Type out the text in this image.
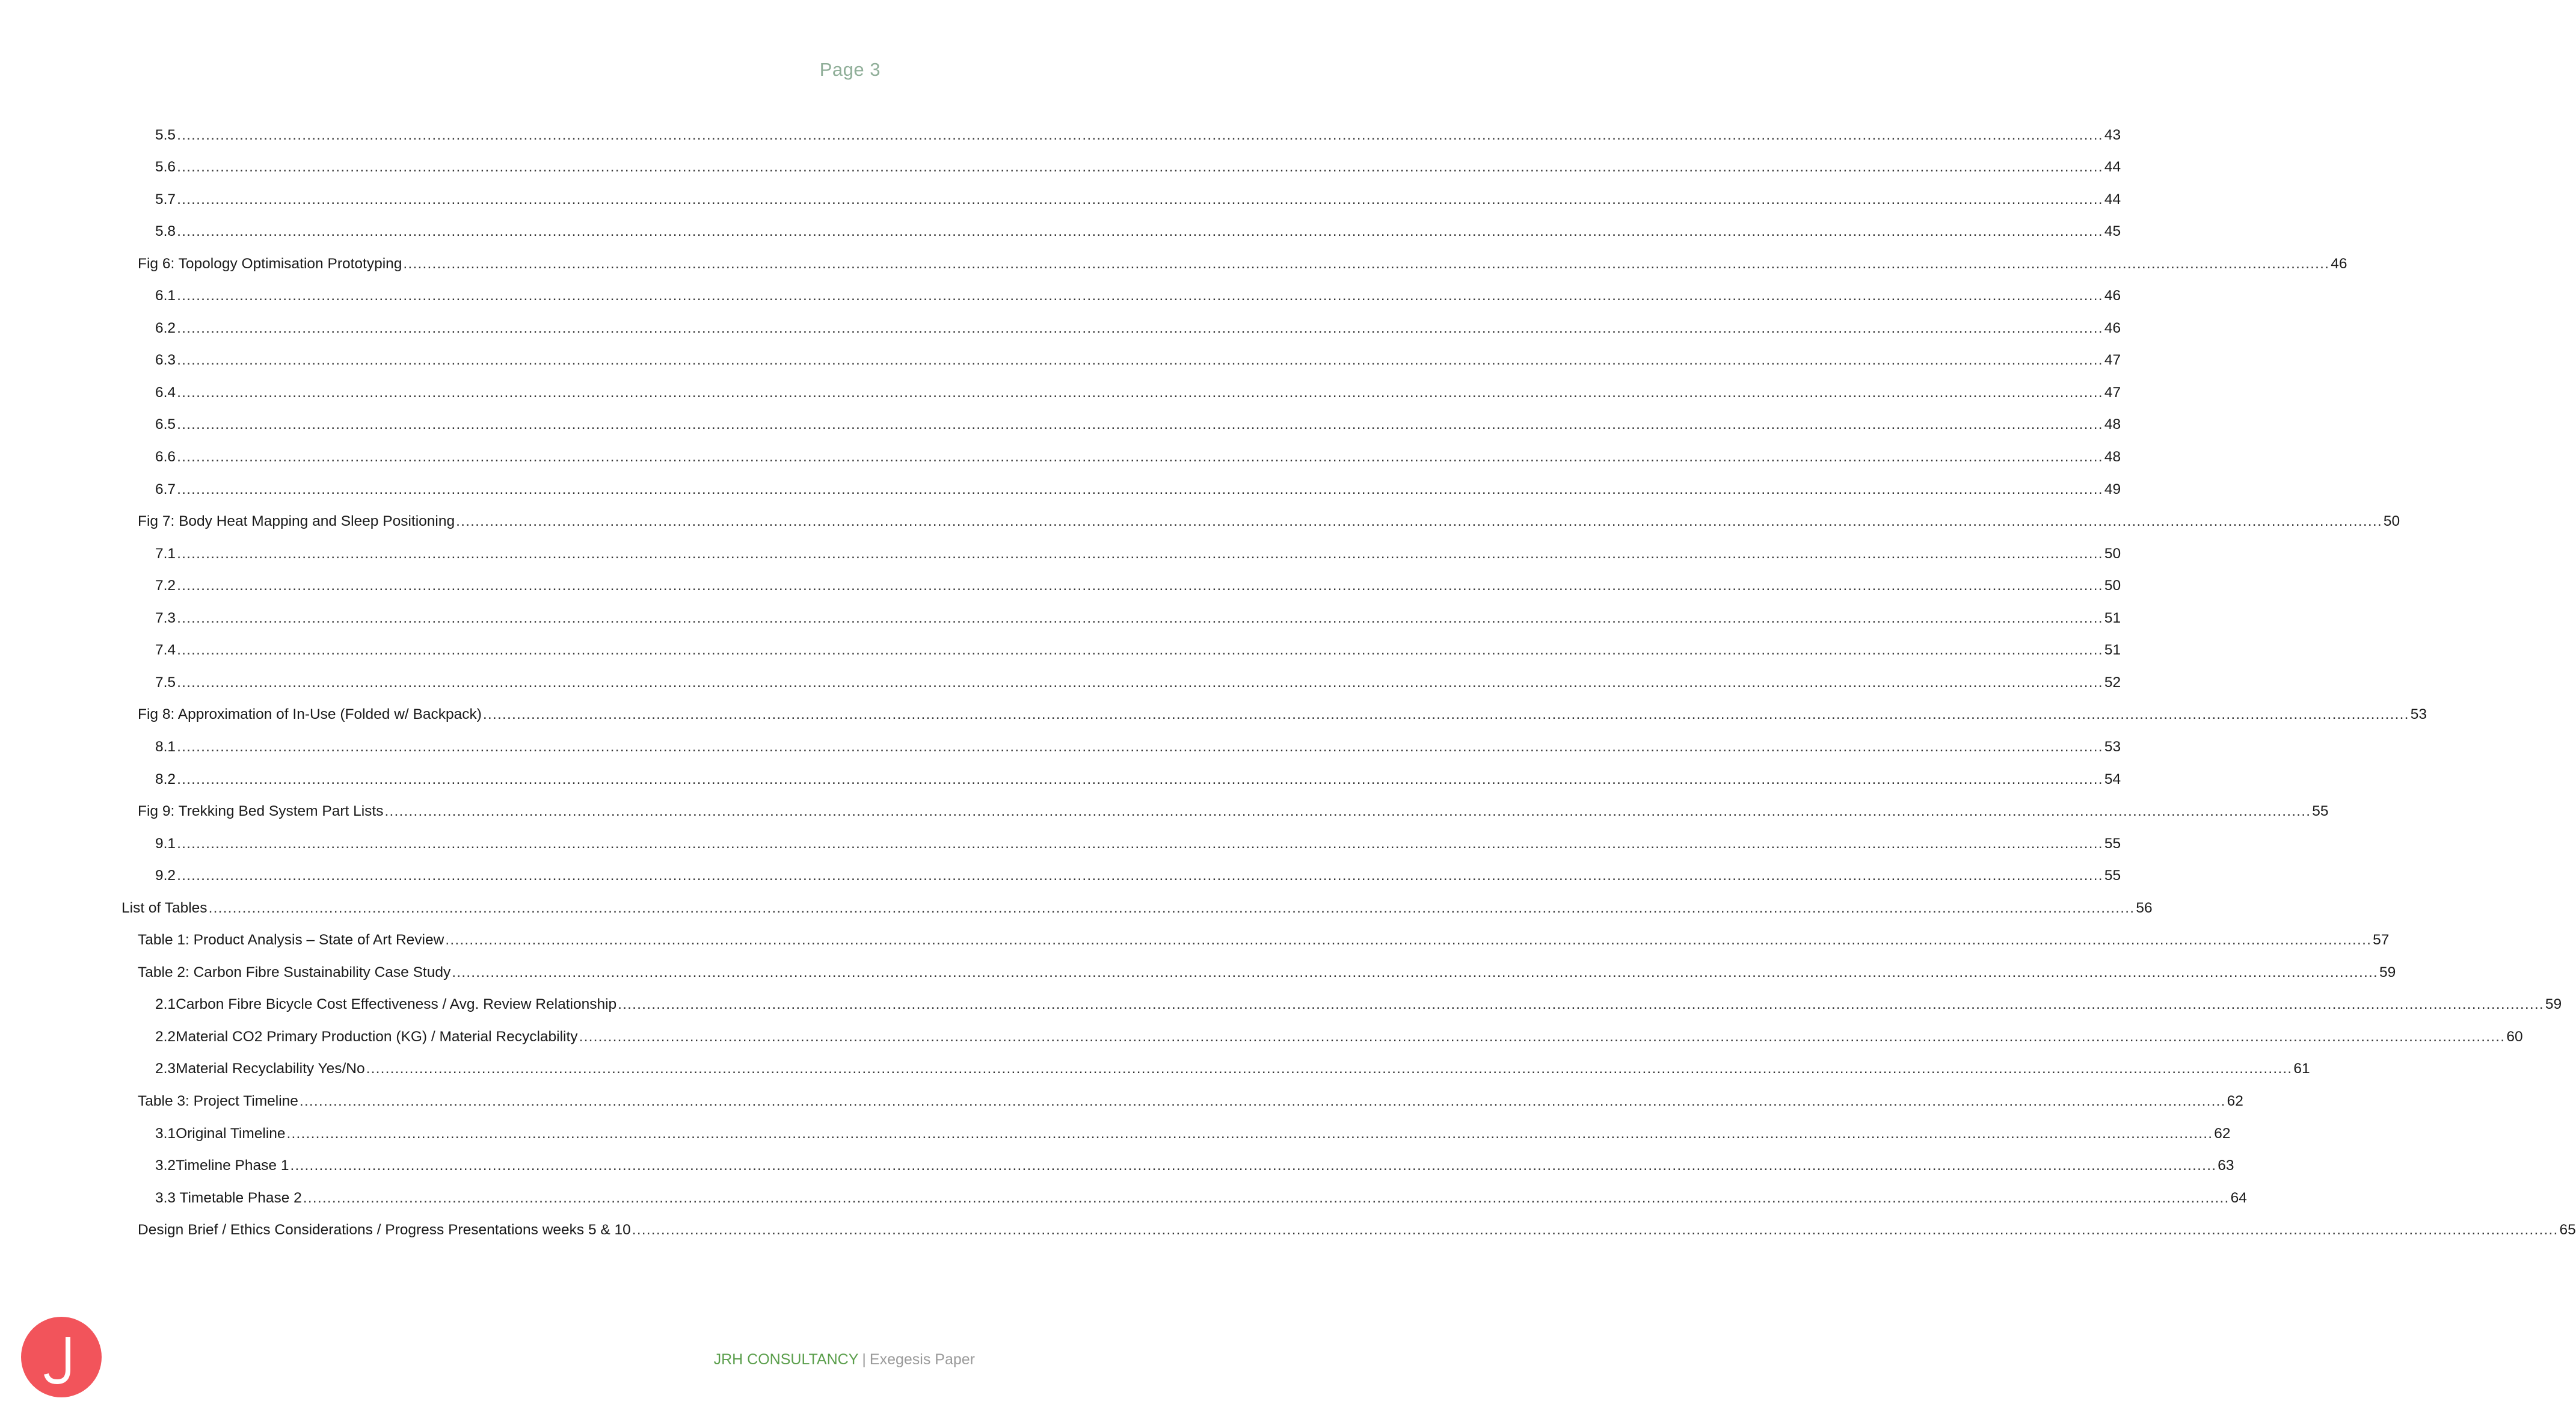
Page 3
5.5 ................................................................................................................................................................................................................................................................................................................................................................................................................ 43
5.6 ................................................................................................................................................................................................................................................................................................................................................................................................................ 44
5.7 ................................................................................................................................................................................................................................................................................................................................................................................................................ 44
5.8 ................................................................................................................................................................................................................................................................................................................................................................................................................ 45
Fig 6: Topology Optimisation Prototyping ................................................................................................................................................................................................................................................................................................................................................................................................................ 46
6.1 ................................................................................................................................................................................................................................................................................................................................................................................................................ 46
6.2 ................................................................................................................................................................................................................................................................................................................................................................................................................ 46
6.3 ................................................................................................................................................................................................................................................................................................................................................................................................................ 47
6.4 ................................................................................................................................................................................................................................................................................................................................................................................................................ 47
6.5 ................................................................................................................................................................................................................................................................................................................................................................................................................ 48
6.6 ................................................................................................................................................................................................................................................................................................................................................................................................................ 48
6.7 ................................................................................................................................................................................................................................................................................................................................................................................................................ 49
Fig 7: Body Heat Mapping and Sleep Positioning ................................................................................................................................................................................................................................................................................................................................................................................................................ 50
7.1 ................................................................................................................................................................................................................................................................................................................................................................................................................ 50
7.2 ................................................................................................................................................................................................................................................................................................................................................................................................................ 50
7.3 ................................................................................................................................................................................................................................................................................................................................................................................................................ 51
7.4 ................................................................................................................................................................................................................................................................................................................................................................................................................ 51
7.5 ................................................................................................................................................................................................................................................................................................................................................................................................................ 52
Fig 8: Approximation of In-Use (Folded w/ Backpack) ................................................................................................................................................................................................................................................................................................................................................................................................................ 53
8.1 ................................................................................................................................................................................................................................................................................................................................................................................................................ 53
8.2 ................................................................................................................................................................................................................................................................................................................................................................................................................ 54
Fig 9: Trekking Bed System Part Lists ................................................................................................................................................................................................................................................................................................................................................................................................................ 55
9.1 ................................................................................................................................................................................................................................................................................................................................................................................................................ 55
9.2 ................................................................................................................................................................................................................................................................................................................................................................................................................ 55
List of Tables ................................................................................................................................................................................................................................................................................................................................................................................................................ 56
Table 1: Product Analysis – State of Art Review ................................................................................................................................................................................................................................................................................................................................................................................................................ 57
Table 2: Carbon Fibre Sustainability Case Study ................................................................................................................................................................................................................................................................................................................................................................................................................ 59
2.1 Carbon Fibre Bicycle Cost Effectiveness / Avg. Review Relationship ................................................................................................................................................................................................................................................................................................................................................................................................................ 59
2.2 Material CO2 Primary Production (KG) / Material Recyclability ................................................................................................................................................................................................................................................................................................................................................................................................................ 60
2.3 Material Recyclability Yes/No ................................................................................................................................................................................................................................................................................................................................................................................................................ 61
Table 3: Project Timeline ................................................................................................................................................................................................................................................................................................................................................................................................................ 62
3.1 Original Timeline ................................................................................................................................................................................................................................................................................................................................................................................................................ 62
3.2 Timeline Phase 1 ................................................................................................................................................................................................................................................................................................................................................................................................................ 63
3.3 Timetable Phase 2 ................................................................................................................................................................................................................................................................................................................................................................................................................ 64
Design Brief / Ethics Considerations / Progress Presentations weeks 5 & 10 ................................................................................................................................................................................................................................................................................................................................................................................................................ 65
JRH CONSULTANCY | Exegesis Paper
